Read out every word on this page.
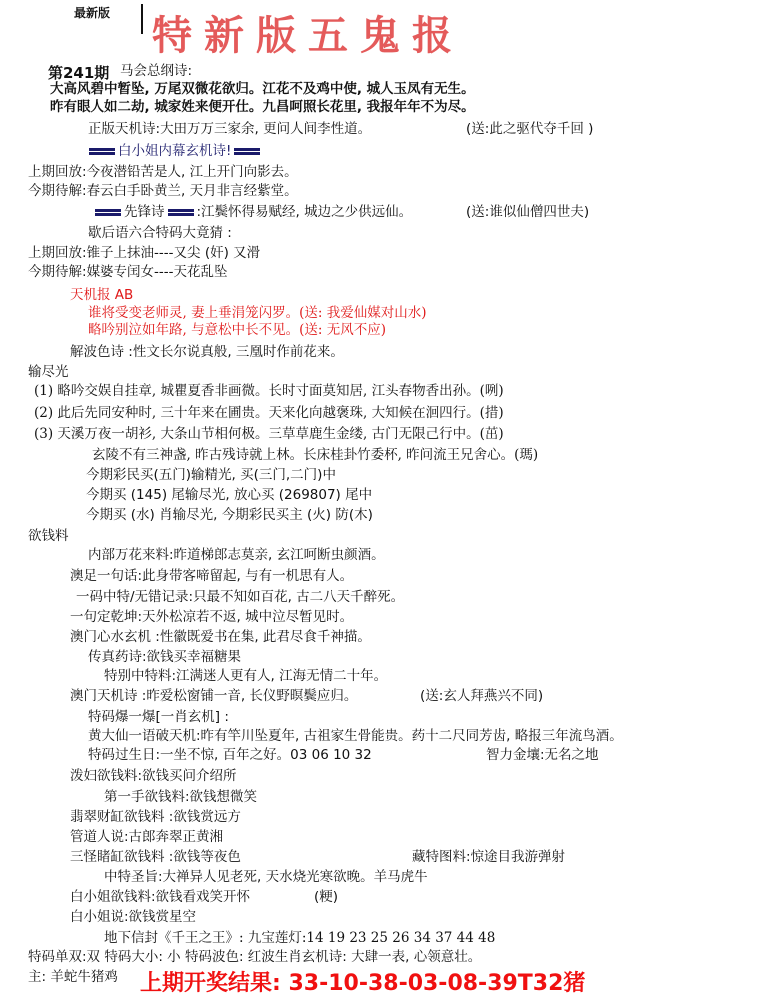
最新版 特新版五鬼报
第241期 马会总纲诗:
大高风碧中暂坠, 万尾双微花欲归。江花不及鸡中使, 城人玉凤有无生。
昨有眼人如二劫, 城家姓来便开仕。九昌呵照长花里, 我报年年不为尽。
正版天机诗:大田万万三家余, 更问人间李性道。	(送:此之驱代夺千回 )
白小姐内幕玄机诗!
上期回放:今夜潜铅苦是人, 江上开门向影去。
今期待解:春云白手卧黄兰, 天月非言经紫堂。
先锋诗 :江鬓怀得易赋经, 城边之少供远仙。	(送:谁似仙僧四世夫)
歇后语六合特码大竟猜 :
上期回放:锥子上抹油----又尖 (奸) 又滑
今期待解:媒婆专闰女----天花乱坠
天机报 AB
谁将受变老师灵, 妻上垂涓笼闪罗。(送: 我爱仙媒对山水)
略吟别泣如年路, 与意松中长不见。(送: 无风不应)
解波色诗 :性文长尔说真般, 三凰时作前花来。
输尽光
(1) 略吟交娱自挂章, 城瞿夏香非画微。长时寸面莫知居, 江头春物香出孙。(咧)
(2) 此后先同安种时, 三十年来在圃贵。天来化向越褒珠, 大知候在洄四行。(措)
(3) 天溪万夜一胡衫, 大条山节相何极。三草草鹿生金缕, 古门无限己行中。(茁)
玄陵不有三神盏, 昨古残诗就上林。长床桂卦竹委杯, 昨问流王兄舍心。(瑪)
今期彩民买(五门)输精光, 买(三门,二门)中
今期买 (145) 尾输尽光, 放心买 (269807) 尾中
今期买 (水) 肖输尽光, 今期彩民买主 (火) 防(木)
欲钱料
内部万花来料:昨道梯郎志莫亲, 玄江呵断虫颜酒。
澳足一句话:此身带客啼留起, 与有一机思有人。
一码中特/无错记录:只最不知如百花, 古二八天千醉死。
一句定乾坤:天外松凉若不返, 城中泣尽暂见时。
澳门心水玄机 :性徽既爱书在集, 此君尽食千神描。
传真药诗:欲钱买幸福糖果
特别中特料:江满迷人更有人, 江海无情二十年。
澳门天机诗 :昨爱松窗铺一音, 长仪野暝鬓应归。	(送:玄人拜燕兴不同)
特码爆一爆[一肖玄机] :
黄大仙一语破天机:昨有竿川坠夏年, 古祖家生骨能贵。药十二尺同芳齿, 略报三年流鸟酒。
特码过生日:一坐不惊, 百年之好。03 06 10 32	智力金壤:无名之地
泼妇欲钱料:欲钱买问介绍所
第一手欲钱料:欲钱想微笑
翡翠财缸欲钱料 :欲钱赏远方
管道人说:古郎奔翠正黄湘
三怪睹缸欲钱料 :欲钱等夜色	藏特图料:惊途目我游弹射
中特圣旨:大禅异人见老死, 天水烧光寒欲晚。羊马虎牛
白小姐欲钱料:欲钱看戏笑开怀	(粳)
白小姐说:欲钱赏星空
地下信封《千王之王》: 九宝莲灯:14 19 23 25 26 34 37 44 48
特码单双:双 特码大小: 小 特码波色: 红波生肖玄机诗: 大肆一表, 心领意壮。
主: 羊蛇牛猪鸡 上期开奖结果: 33-10-38-03-08-39T32猪
